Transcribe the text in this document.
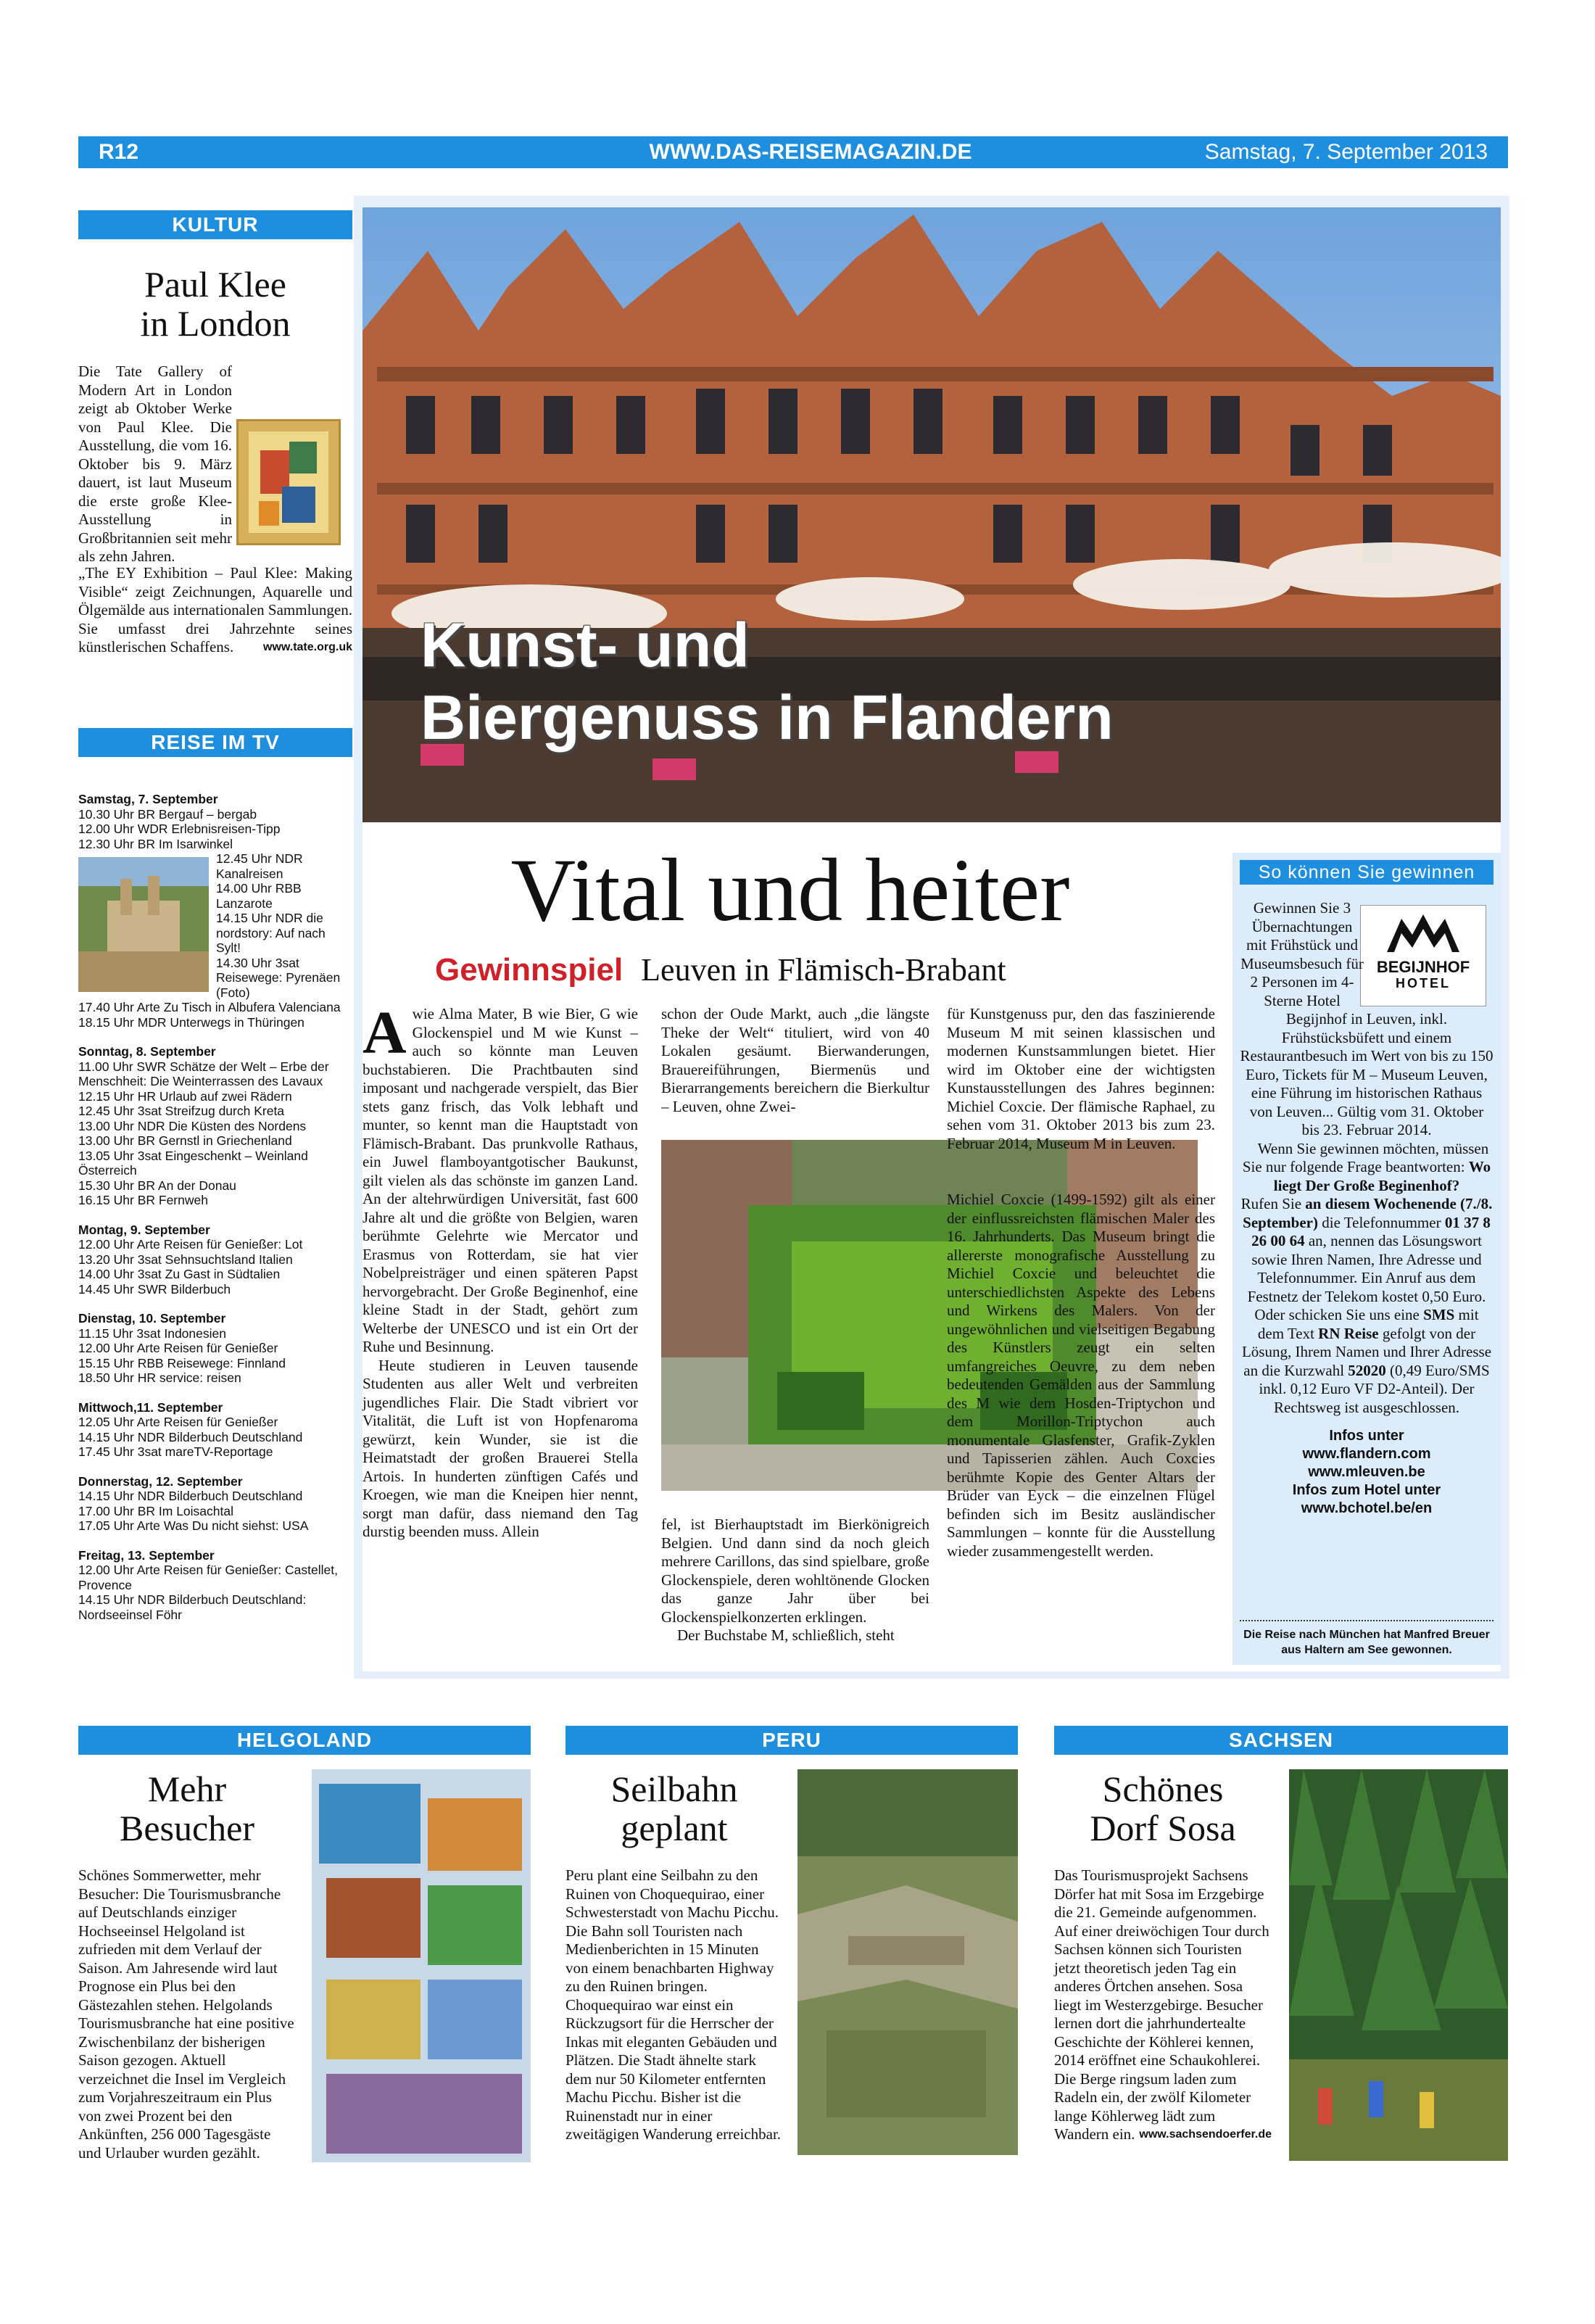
R12	WWW.DAS-REISEMAGAZIN.DE	Samstag, 7. September 2013
KULTUR
Paul Klee
in London

Die Tate Gallery of Modern Art in London zeigt ab Oktober Werke von Paul Klee. Die Ausstellung, die vom 16. Oktober bis 9. März dauert, ist laut Museum die erste große Klee-Ausstellung in Großbritannien seit mehr als zehn Jahren.

„The EY Exhibition – Paul Klee: Making Visible“ zeigt Zeichnungen, Aquarelle und Ölgemälde aus internationalen Sammlungen. Sie umfasst drei Jahrzehnte seines künstlerischen Schaffens.	www.tate.org.uk
REISE IM TV
Samstag, 7. September
10.30 Uhr BR Bergauf – bergab
12.00 Uhr WDR Erlebnisreisen-Tipp
12.30 Uhr BR Im Isarwinkel
12.45 Uhr NDR Kanalreisen
14.00 Uhr RBB Lanzarote
14.15 Uhr NDR die nordstory: Auf nach Sylt!
14.30 Uhr 3sat Reisewege: Pyrenäen (Foto)
17.40 Uhr Arte Zu Tisch in Albufera Valenciana
18.15 Uhr MDR Unterwegs in Thüringen
Sonntag, 8. September
11.00 Uhr SWR Schätze der Welt – Erbe der Menschheit: Die Weinterrassen des Lavaux
12.15 Uhr HR Urlaub auf zwei Rädern
12.45 Uhr 3sat Streifzug durch Kreta
13.00 Uhr NDR Die Küsten des Nordens
13.00 Uhr BR Gernstl in Griechenland
13.05 Uhr 3sat Eingeschenkt – Weinland Österreich
15.30 Uhr BR An der Donau
16.15 Uhr BR Fernweh
Montag, 9. September
12.00 Uhr Arte Reisen für Genießer: Lot
13.20 Uhr 3sat Sehnsuchtsland Italien
14.00 Uhr 3sat Zu Gast in Südtalien
14.45 Uhr SWR Bilderbuch
Dienstag, 10. September
11.15 Uhr 3sat Indonesien
12.00 Uhr Arte Reisen für Genießer
15.15 Uhr RBB Reisewege: Finnland
18.50 Uhr HR service: reisen
Mittwoch,11. September
12.05 Uhr Arte Reisen für Genießer
14.15 Uhr NDR Bilderbuch Deutschland
17.45 Uhr 3sat mareTV-Reportage
Donnerstag, 12. September
14.15 Uhr NDR Bilderbuch Deutschland
17.00 Uhr BR Im Loisachtal
17.05 Uhr Arte Was Du nicht siehst: USA
Freitag, 13. September
12.00 Uhr Arte Reisen für Genießer: Castellet, Provence
14.15 Uhr NDR Bilderbuch Deutschland: Nordseeinsel Föhr
Kunst- und
Biergenuss in Flandern
Vital und heiter
Gewinnspiel Leuven in Flämisch-Brabant

A wie Alma Mater, B wie Bier, G wie Glockenspiel und M wie Kunst – auch so könnte man Leuven buchstabieren. Die Prachtbauten sind imposant und nachgerade verspielt, das Bier stets ganz frisch, das Volk lebhaft und munter, so kennt man die Hauptstadt von Flämisch-Brabant. Das prunkvolle Rathaus, ein Juwel flamboyantgotischer Baukunst, gilt vielen als das schönste im ganzen Land. An der altehrwürdigen Universität, fast 600 Jahre alt und die größte von Belgien, waren berühmte Gelehrte wie Mercator und Erasmus von Rotterdam, sie hat vier Nobelpreisträger und einen späteren Papst hervorgebracht. Der Große Beginenhof, eine kleine Stadt in der Stadt, gehört zum Welterbe der UNESCO und ist ein Ort der Ruhe und Besinnung.

Heute studieren in Leuven tausende Studenten aus aller Welt und verbreiten jugendliches Flair. Die Stadt vibriert vor Vitalität, die Luft ist von Hopfenaroma gewürzt, kein Wunder, sie ist die Heimatstadt der großen Brauerei Stella Artois. In hunderten zünftigen Cafés und Kroegen, wie man die Kneipen hier nennt, sorgt man dafür, dass niemand den Tag durstig beenden muss. Allein

schon der Oude Markt, auch „die längste Theke der Welt“ tituliert, wird von 40 Lokalen gesäumt. Bierwanderungen, Brauereiführungen, Biermenüs und Bierarrangements bereichern die Bierkultur – Leuven, ohne Zwei-

fel, ist Bierhauptstadt im Bierkönigreich Belgien. Und dann sind da noch gleich mehrere Carillons, das sind spielbare, große Glockenspiele, deren wohltönende Glocken das ganze Jahr über bei Glockenspielkonzerten erklingen.

Der Buchstabe M, schließlich, steht

für Kunstgenuss pur, den das faszinierende Museum M mit seinen klassischen und modernen Kunstsammlungen bietet. Hier wird im Oktober eine der wichtigsten Kunstausstellungen des Jahres beginnen: Michiel Coxcie. Der flämische Raphael, zu sehen vom 31. Oktober 2013 bis zum 23. Februar 2014, Museum M in Leuven.

Michiel Coxcie (1499-1592) gilt als einer der einflussreichsten flämischen Maler des 16. Jahrhunderts. Das Museum bringt die allererste monografische Ausstellung zu Michiel Coxcie und beleuchtet die unterschiedlichsten Aspekte des Lebens und Wirkens des Malers. Von der ungewöhnlichen und vielseitigen Begabung des Künstlers zeugt ein selten umfangreiches Oeuvre, zu dem neben bedeutenden Gemälden aus der Sammlung des M wie dem Hosden-Triptychon und dem Morillon-Triptychon auch monumentale Glasfenster, Grafik-Zyklen und Tapisserien zählen. Auch Coxcies berühmte Kopie des Genter Altars der Brüder van Eyck – die einzelnen Flügel befinden sich im Besitz ausländischer Sammlungen – konnte für die Ausstellung wieder zusammengestellt werden.

So können Sie gewinnen
BEGIJNHOF
HOTEL
Gewinnen Sie 3 Übernachtungen mit Frühstück und Museumsbesuch für 2 Personen im 4-Sterne Hotel Begijnhof in Leuven, inkl. Frühstücksbüfett und einem Restaurantbesuch im Wert von bis zu 150 Euro, Tickets für M – Museum Leuven, eine Führung im historischen Rathaus von Leuven... Gültig vom 31. Oktober bis 23. Februar 2014.
Wenn Sie gewinnen möchten, müssen Sie nur folgende Frage beantworten: Wo liegt Der Große Beginenhof?
Rufen Sie an diesem Wochenende (7./8. September) die Telefonnummer 01 37 8 26 00 64 an, nennen das Lösungswort sowie Ihren Namen, Ihre Adresse und Telefonnummer. Ein Anruf aus dem Festnetz der Telekom kostet 0,50 Euro. Oder schicken Sie uns eine SMS mit dem Text RN Reise gefolgt von der Lösung, Ihrem Namen und Ihrer Adresse an die Kurzwahl 52020 (0,49 Euro/SMS inkl. 0,12 Euro VF D2-Anteil). Der Rechtsweg ist ausgeschlossen.
Infos unter
www.flandern.com
www.mleuven.be
Infos zum Hotel unter
www.bchotel.be/en
Die Reise nach München hat Manfred Breuer aus Haltern am See gewonnen.
HELGOLAND
Mehr
Besucher

Schönes Sommerwetter, mehr Besucher: Die Tourismusbranche auf Deutschlands einziger Hochseeinsel Helgoland ist zufrieden mit dem Verlauf der Saison. Am Jahresende wird laut Prognose ein Plus bei den Gästezahlen stehen. Helgolands Tourismusbranche hat eine positive Zwischenbilanz der bisherigen Saison gezogen. Aktuell verzeichnet die Insel im Vergleich zum Vorjahreszeitraum ein Plus von zwei Prozent bei den Ankünften, 256 000 Tagesgäste und Urlauber wurden gezählt.

PERU
Seilbahn
geplant

Peru plant eine Seilbahn zu den Ruinen von Choquequirao, einer Schwesterstadt von Machu Picchu. Die Bahn soll Touristen nach Medienberichten in 15 Minuten von einem benachbarten Highway zu den Ruinen bringen. Choquequirao war einst ein Rückzugsort für die Herrscher der Inkas mit eleganten Gebäuden und Plätzen. Die Stadt ähnelte stark dem nur 50 Kilometer entfernten Machu Picchu. Bisher ist die Ruinenstadt nur in einer zweitägigen Wanderung erreichbar.

SACHSEN
Schönes
Dorf Sosa
Das Tourismusprojekt Sachsens Dörfer hat mit Sosa im Erzgebirge die 21. Gemeinde aufgenommen. Auf einer dreiwöchigen Tour durch Sachsen können sich Touristen jetzt theoretisch jeden Tag ein anderes Örtchen ansehen. Sosa liegt im Westerzgebirge. Besucher lernen dort die jahrhundertealte Geschichte der Köhlerei kennen, 2014 eröffnet eine Schaukohlerei. Die Berge ringsum laden zum Radeln ein, der zwölf Kilometer lange Köhlerweg lädt zum Wandern ein. www.sachsendoerfer.de
